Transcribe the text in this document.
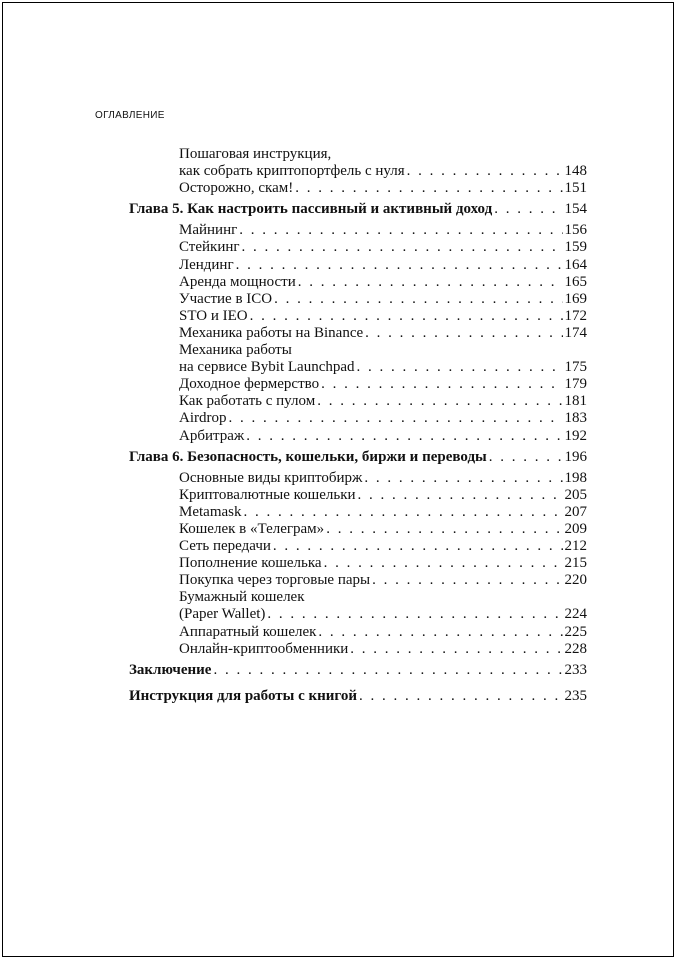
ОГЛАВЛЕНИЕ
Пошаговая инструкция,
как собрать криптопортфель с нуля . . .	148
Осторожно, скам! . . .	151
Глава 5. Как настроить пассивный и активный доход . . .	154
Майнинг . . .	156
Стейкинг . . .	159
Лендинг . . .	164
Аренда мощности . . .	165
Участие в ICO . . .	169
STO и IEO . . .	172
Механика работы на Binance . . .	174
Механика работы
на сервисе Bybit Launchpad . . .	175
Доходное фермерство . . .	179
Как работать с пулом . . .	181
Airdrop . . .	183
Арбитраж . . .	192
Глава 6. Безопасность, кошельки, биржи и переводы . . .	196
Основные виды криптобирж . . .	198
Криптовалютные кошельки . . .	205
Metamask . . .	207
Кошелек в «Телеграм» . . .	209
Сеть передачи . . .	212
Пополнение кошелька . . .	215
Покупка через торговые пары . . .	220
Бумажный кошелек
(Paper Wallet) . . .	224
Аппаратный кошелек . . .	225
Онлайн-криптообменники . . .	228
Заключение . . .	233
Инструкция для работы с книгой . . .	235
